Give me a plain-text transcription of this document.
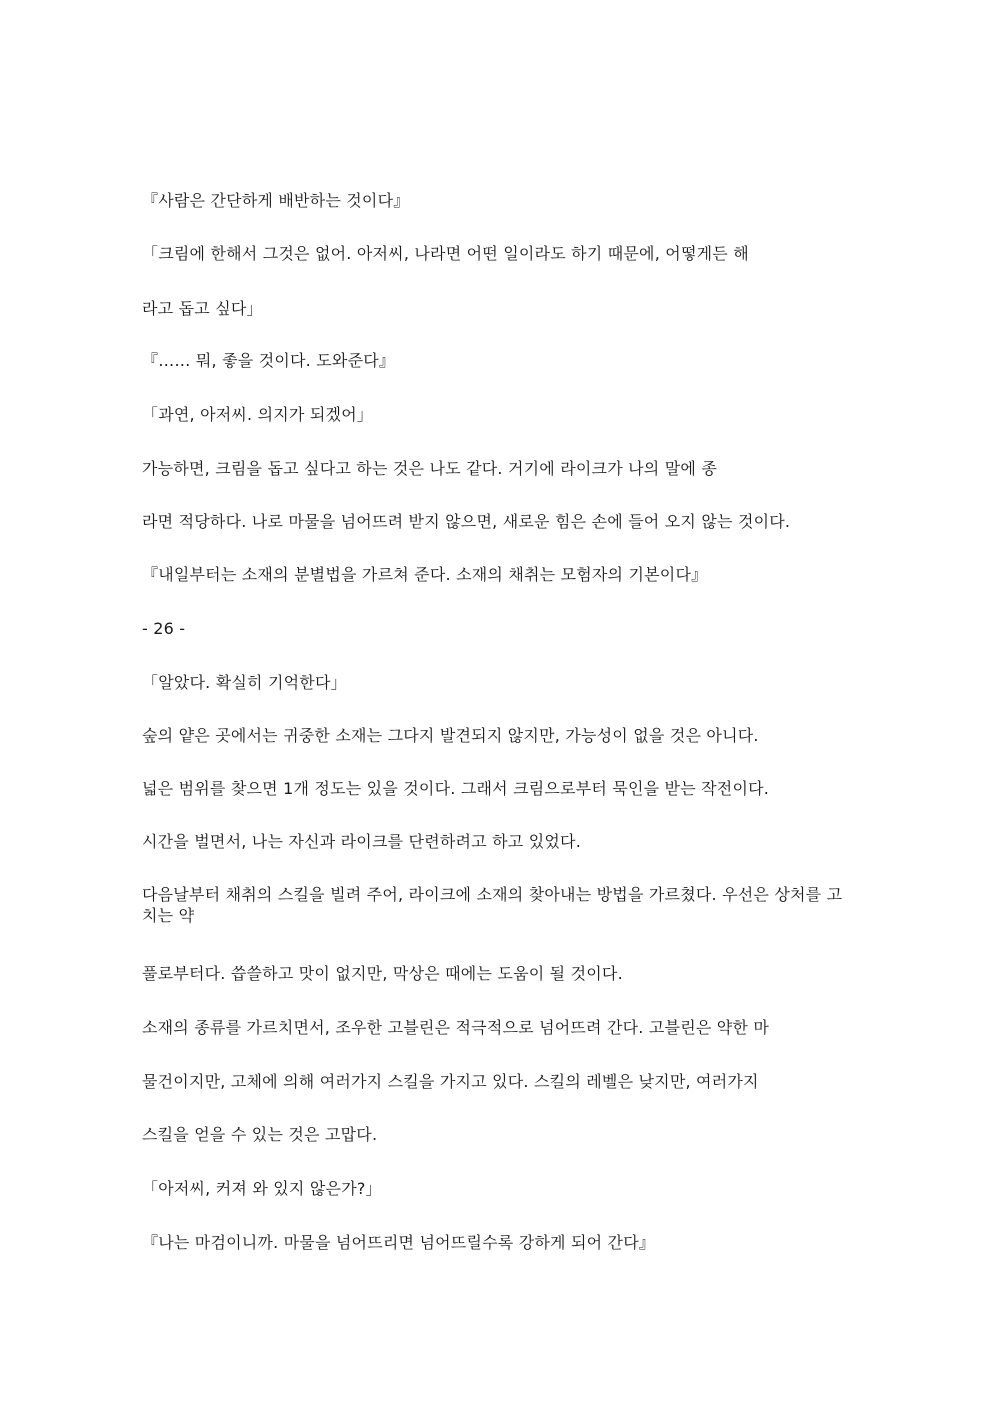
『사람은 간단하게 배반하는 것이다』
「크림에 한해서 그것은 없어. 아저씨, 나라면 어떤 일이라도 하기 때문에, 어떻게든 해
라고 돕고 싶다」
『…… 뭐, 좋을 것이다. 도와준다』
「과연, 아저씨. 의지가 되겠어」
가능하면, 크림을 돕고 싶다고 하는 것은 나도 같다. 거기에 라이크가 나의 말에 종
라면 적당하다. 나로 마물을 넘어뜨려 받지 않으면, 새로운 힘은 손에 들어 오지 않는 것이다.
『내일부터는 소재의 분별법을 가르쳐 준다. 소재의 채취는 모험자의 기본이다』
- 26 -
「알았다. 확실히 기억한다」
숲의 얕은 곳에서는 귀중한 소재는 그다지 발견되지 않지만, 가능성이 없을 것은 아니다.
넓은 범위를 찾으면 1개 정도는 있을 것이다. 그래서 크림으로부터 묵인을 받는 작전이다.
시간을 벌면서, 나는 자신과 라이크를 단련하려고 하고 있었다.
다음날부터 채취의 스킬을 빌려 주어, 라이크에 소재의 찾아내는 방법을 가르쳤다. 우선은 상처를 고치는 약
풀로부터다. 씁쓸하고 맛이 없지만, 막상은 때에는 도움이 될 것이다.
소재의 종류를 가르치면서, 조우한 고블린은 적극적으로 넘어뜨려 간다. 고블린은 약한 마
물건이지만, 고체에 의해 여러가지 스킬을 가지고 있다. 스킬의 레벨은 낮지만, 여러가지
스킬을 얻을 수 있는 것은 고맙다.
「아저씨, 커져 와 있지 않은가?」
『나는 마검이니까. 마물을 넘어뜨리면 넘어뜨릴수록 강하게 되어 간다』
